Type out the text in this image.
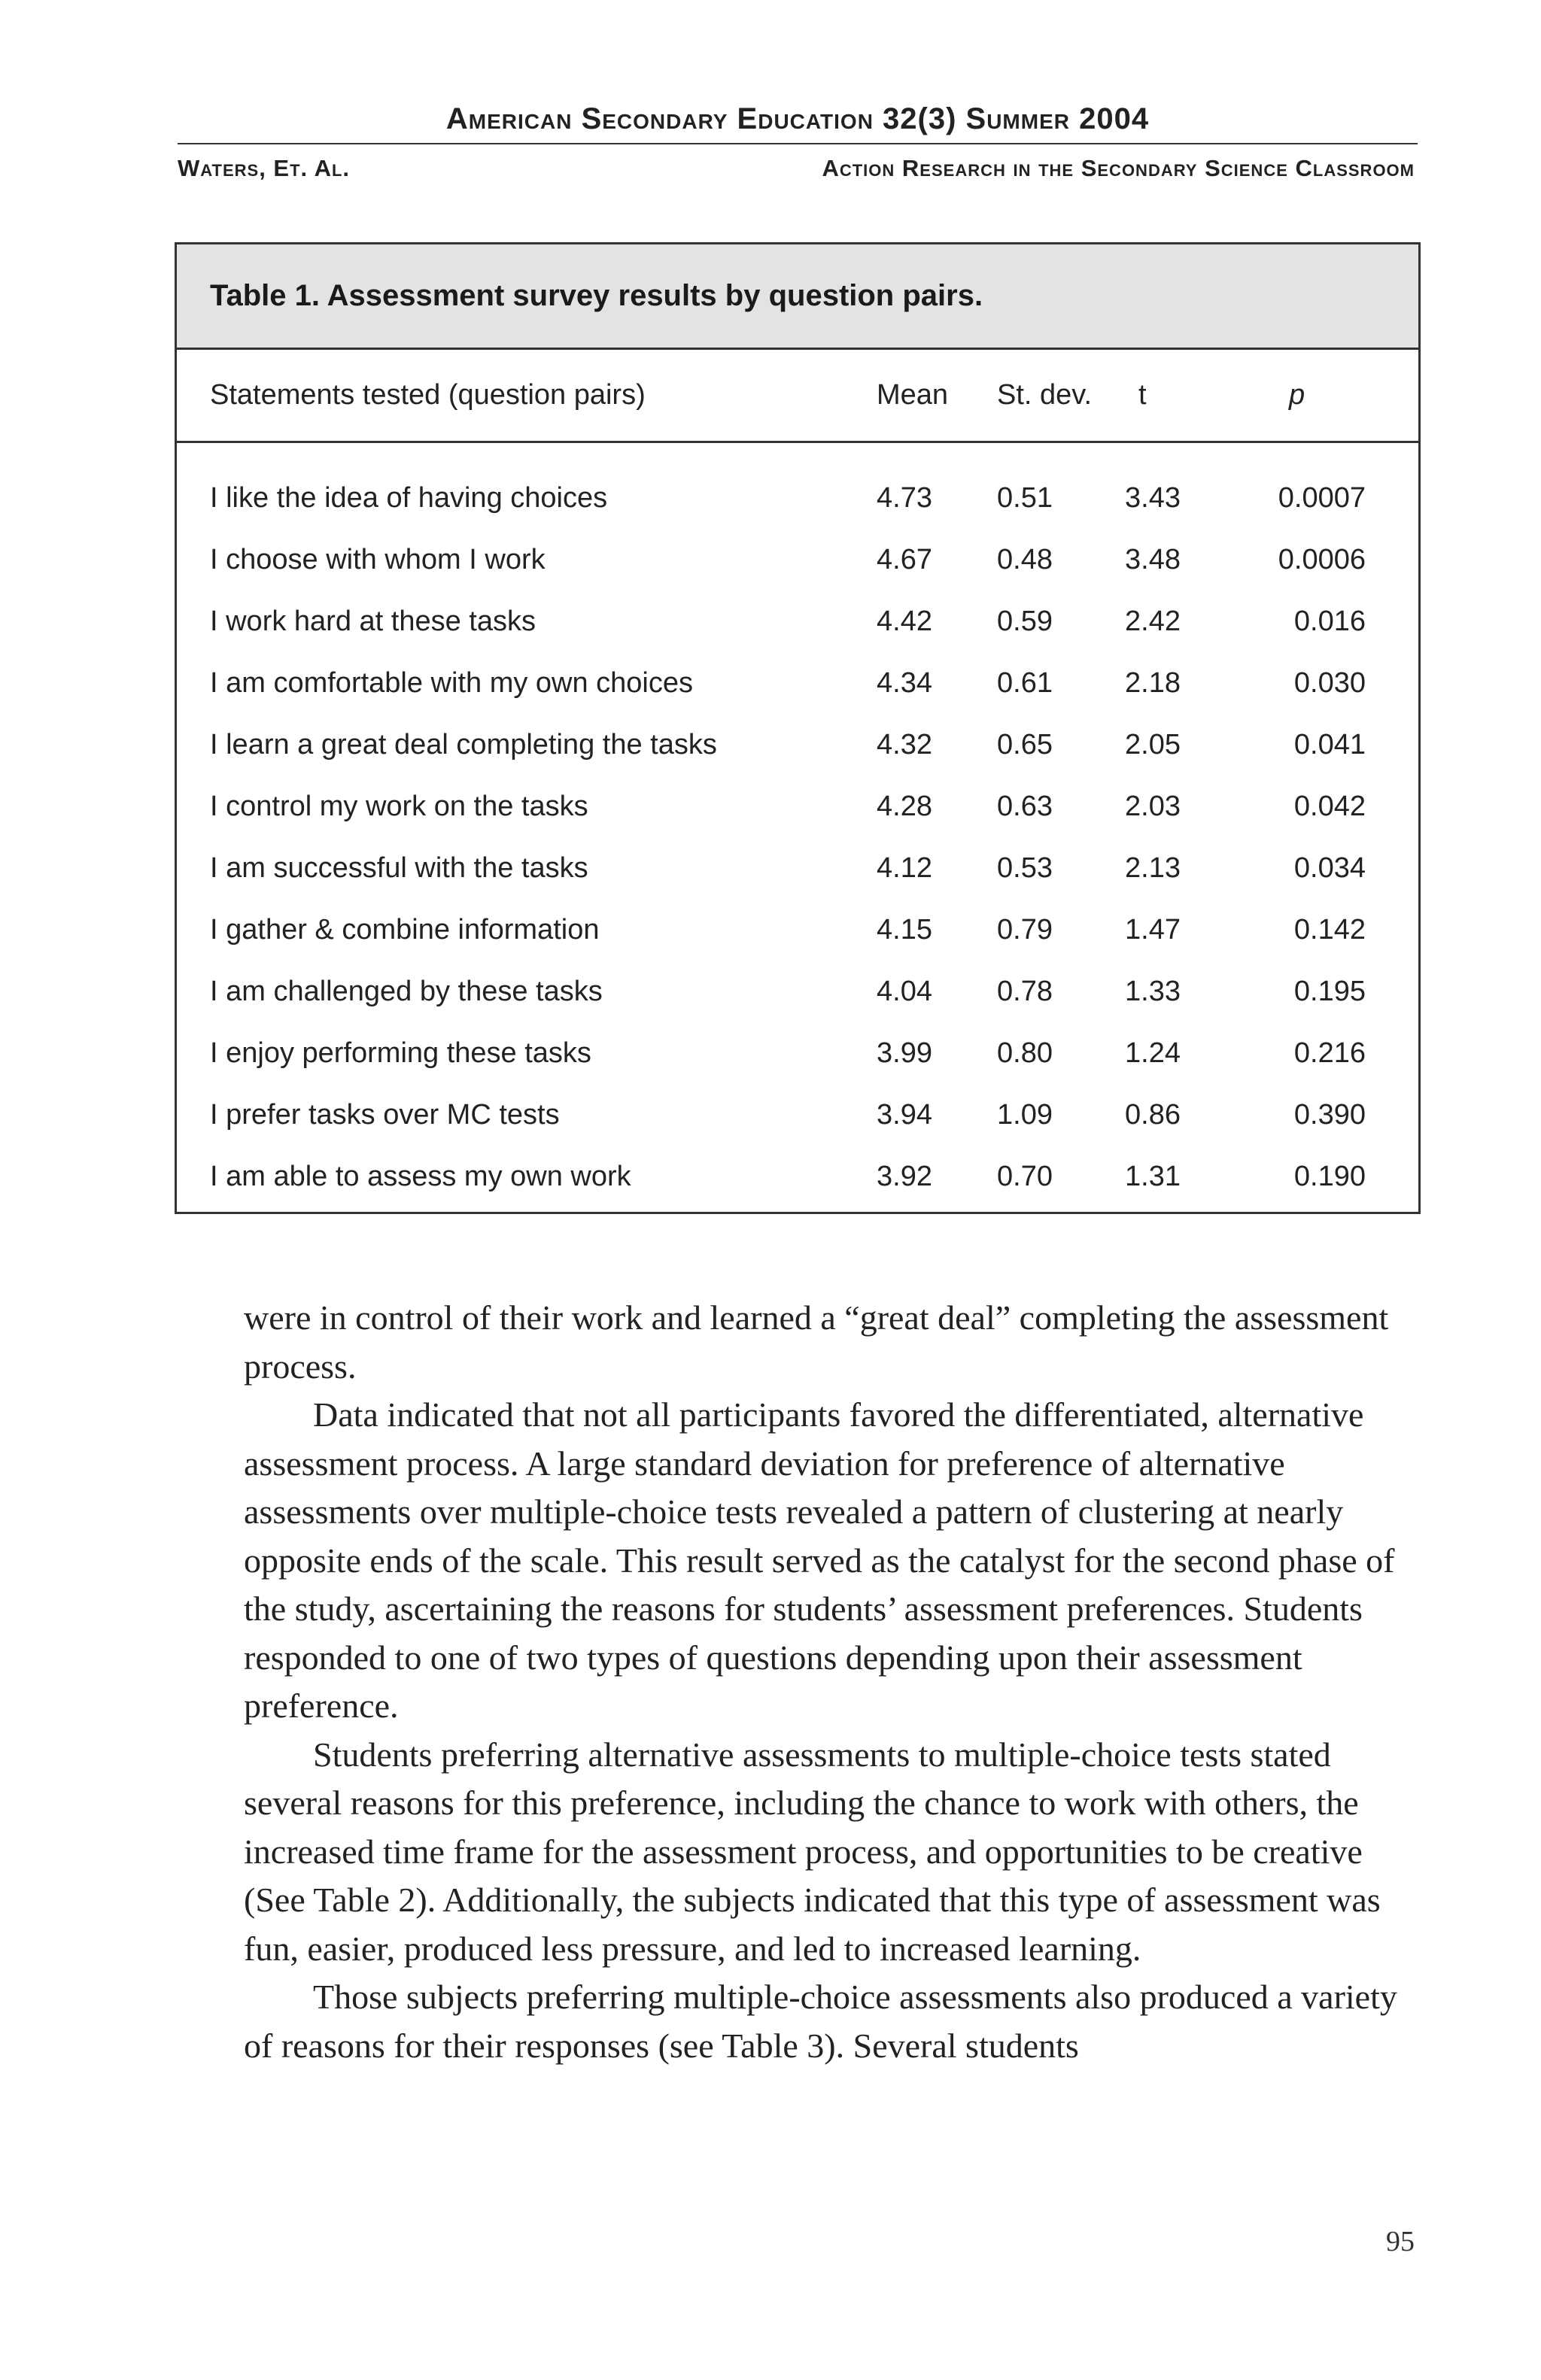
American Secondary Education 32(3) Summer 2004
Waters, Et. Al.	Action Research in the Secondary Science Classroom
Table 1. Assessment survey results by question pairs.
Statements tested (question pairs)	Mean	St. dev.	t	p
I like the idea of having choices	4.73	0.51	3.43	0.0007
I choose with whom I work	4.67	0.48	3.48	0.0006
I work hard at these tasks	4.42	0.59	2.42	0.016
I am comfortable with my own choices	4.34	0.61	2.18	0.030
I learn a great deal completing the tasks	4.32	0.65	2.05	0.041
I control my work on the tasks	4.28	0.63	2.03	0.042
I am successful with the tasks	4.12	0.53	2.13	0.034
I gather & combine information	4.15	0.79	1.47	0.142
I am challenged by these tasks	4.04	0.78	1.33	0.195
I enjoy performing these tasks	3.99	0.80	1.24	0.216
I prefer tasks over MC tests	3.94	1.09	0.86	0.390
I am able to assess my own work	3.92	0.70	1.31	0.190

were in control of their work and learned a “great deal” completing the assessment process.

Data indicated that not all participants favored the differentiated, alternative assessment process. A large standard deviation for preference of alternative assessments over multiple-choice tests revealed a pattern of clustering at nearly opposite ends of the scale. This result served as the catalyst for the second phase of the study, ascertaining the reasons for students’ assessment preferences. Students responded to one of two types of questions depending upon their assessment preference.

Students preferring alternative assessments to multiple-choice tests stated several reasons for this preference, including the chance to work with others, the increased time frame for the assessment process, and opportunities to be creative (See Table 2). Additionally, the subjects indicated that this type of assessment was fun, easier, produced less pressure, and led to increased learning.

Those subjects preferring multiple-choice assessments also produced a variety of reasons for their responses (see Table 3). Several students

95
